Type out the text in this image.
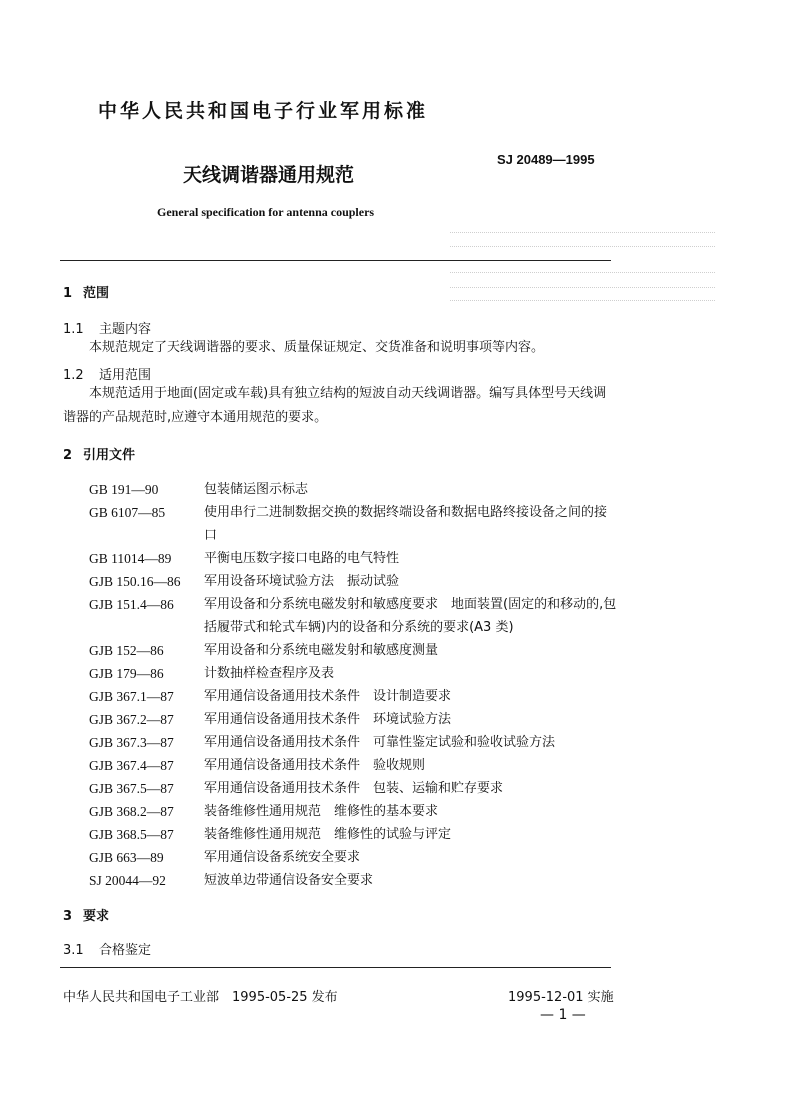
中华人民共和国电子行业军用标准
SJ 20489—1995
天线调谐器通用规范
General specification for antenna couplers
1 范围
1.1 主题内容

本规范规定了天线调谐器的要求、质量保证规定、交货准备和说明事项等内容。

1.2 适用范围

本规范适用于地面(固定或车载)具有独立结构的短波自动天线调谐器。编写具体型号天线调谐器的产品规范时,应遵守本通用规范的要求。

2 引用文件
GB 191—90	包装储运图示标志
GB 6107—85	使用串行二进制数据交换的数据终端设备和数据电路终接设备之间的接口
GB 11014—89	平衡电压数字接口电路的电气特性
GJB 150.16—86	军用设备环境试验方法　振动试验
GJB 151.4—86	军用设备和分系统电磁发射和敏感度要求　地面装置(固定的和移动的,包括履带式和轮式车辆)内的设备和分系统的要求(A3 类)
GJB 152—86	军用设备和分系统电磁发射和敏感度测量
GJB 179—86	计数抽样检查程序及表
GJB 367.1—87	军用通信设备通用技术条件　设计制造要求
GJB 367.2—87	军用通信设备通用技术条件　环境试验方法
GJB 367.3—87	军用通信设备通用技术条件　可靠性鉴定试验和验收试验方法
GJB 367.4—87	军用通信设备通用技术条件　验收规则
GJB 367.5—87	军用通信设备通用技术条件　包装、运输和贮存要求
GJB 368.2—87	装备维修性通用规范　维修性的基本要求
GJB 368.5—87	装备维修性通用规范　维修性的试验与评定
GJB 663—89	军用通信设备系统安全要求
SJ 20044—92	短波单边带通信设备安全要求
3 要求
3.1 合格鉴定
中华人民共和国电子工业部　1995-05-25 发布	1995-12-01 实施
— 1 —
